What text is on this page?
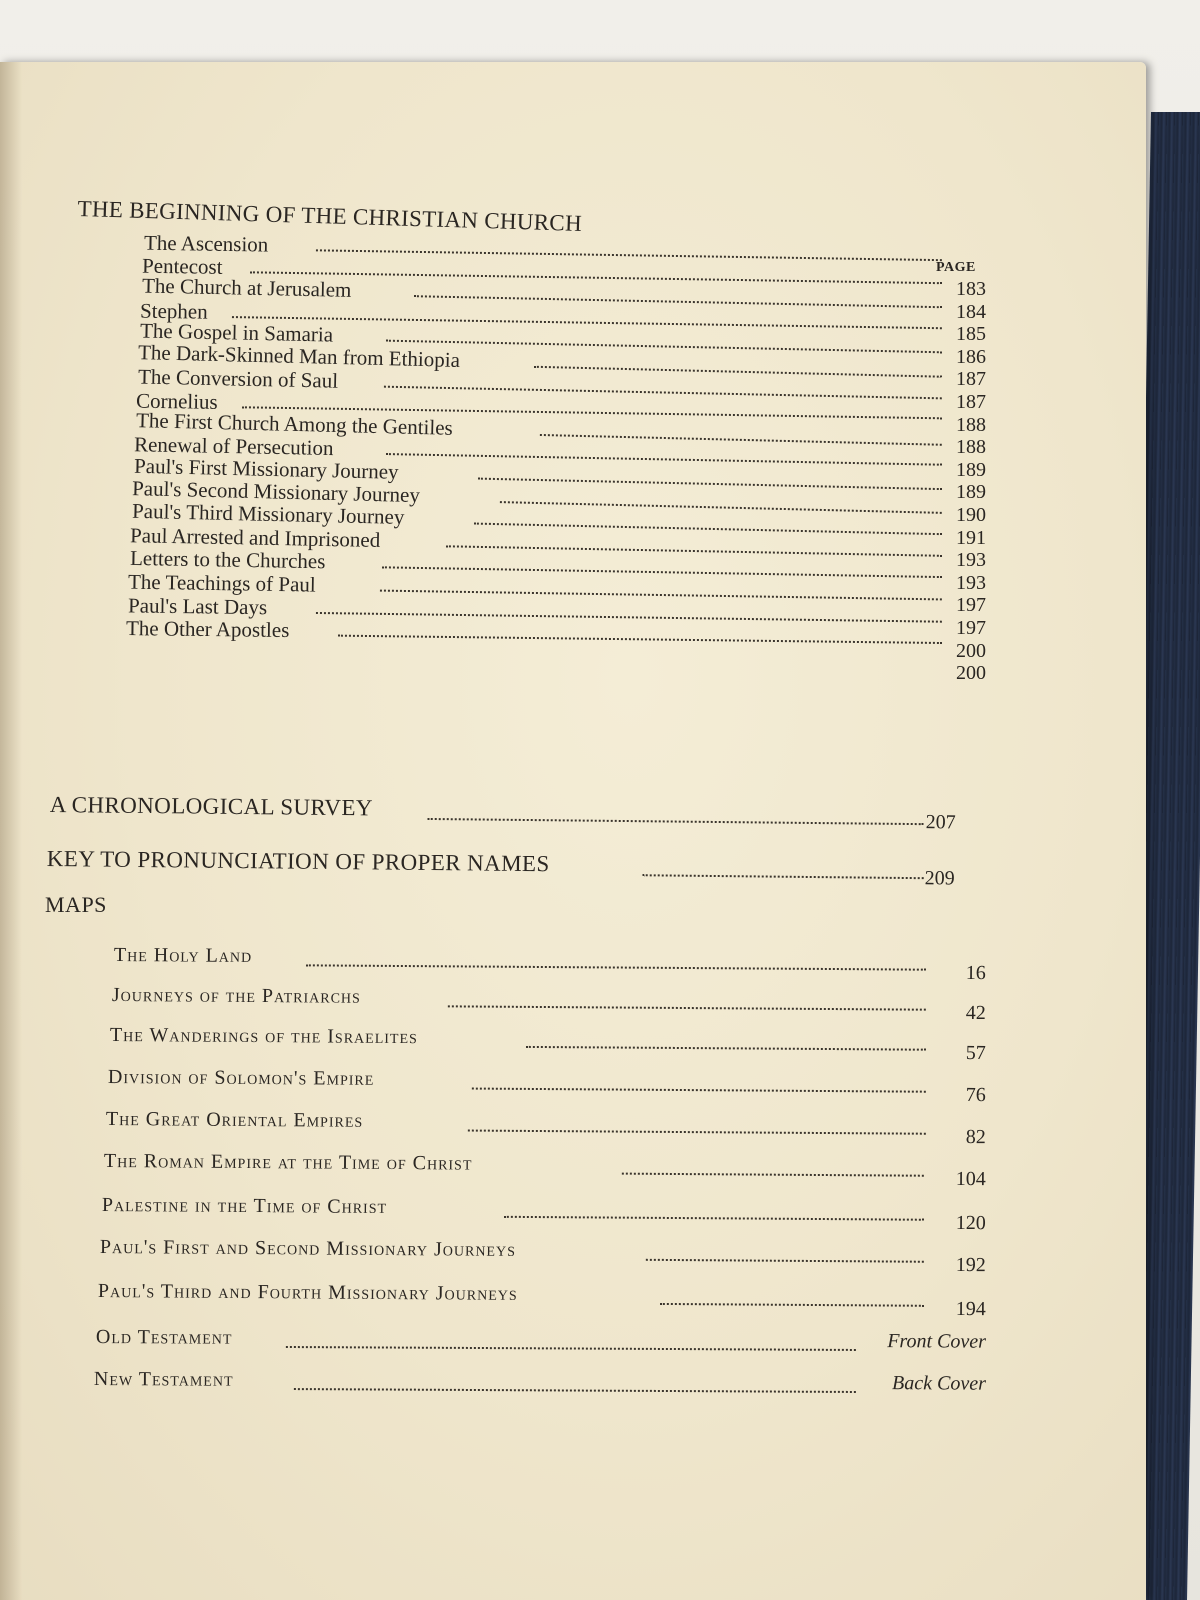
THE BEGINNING OF THE CHRISTIAN CHURCH
PAGE
The Ascension
Pentecost
The Church at Jerusalem
Stephen
The Gospel in Samaria
The Dark-Skinned Man from Ethiopia
The Conversion of Saul
Cornelius
The First Church Among the Gentiles
Renewal of Persecution
Paul's First Missionary Journey
Paul's Second Missionary Journey
Paul's Third Missionary Journey
Paul Arrested and Imprisoned
Letters to the Churches
The Teachings of Paul
Paul's Last Days
The Other Apostles
183
184
185
186
187
187
188
188
189
189
190
191
193
193
197
197
200
200
A CHRONOLOGICAL SURVEY
207
KEY TO PRONUNCIATION OF PROPER NAMES
209
MAPS
The Holy Land
16
Journeys of the Patriarchs
42
The Wanderings of the Israelites
57
Division of Solomon's Empire
76
The Great Oriental Empires
82
The Roman Empire at the Time of Christ
104
Palestine in the Time of Christ
120
Paul's First and Second Missionary Journeys
192
Paul's Third and Fourth Missionary Journeys
194
Old Testament	Front Cover
New Testament	Back Cover
